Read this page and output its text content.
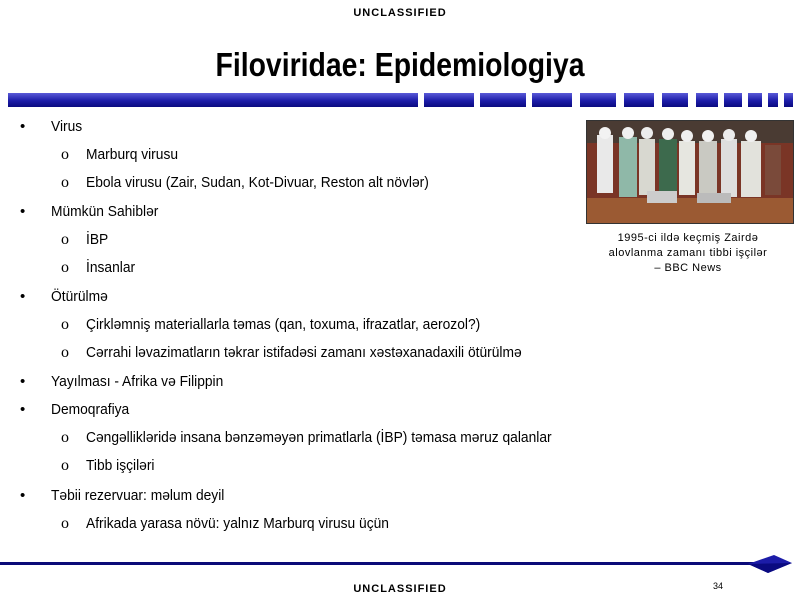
UNCLASSIFIED
Filoviridae: Epidemiologiya
• Virus
o Marburq virusu
o Ebola virusu (Zair, Sudan, Kot-Divuar, Reston alt növlər)
• Mümkün Sahiblər
o İBP
o İnsanlar
• Ötürülmə
o Çirkləmniş materiallarla təmas (qan, toxuma, ifrazatlar, aerozol?)
o Cərrahi ləvazimatların təkrar istifadəsi zamanı xəstəxanadaxili ötürülmə
• Yayılması - Afrika və Filippin
• Demoqrafiya
o Cəngəllikləridə insana bənzəməyən primatlarla (İBP) təmasa məruz qalanlar
o Tibb işçiləri
• Təbii rezervuar: məlum deyil
o Afrikada yarasa növü: yalnız Marburq virusu üçün
1995-ci ildə keçmiş Zairdə
alovlanma zamanı tibbi işçilər
– BBC News
UNCLASSIFIED	34
